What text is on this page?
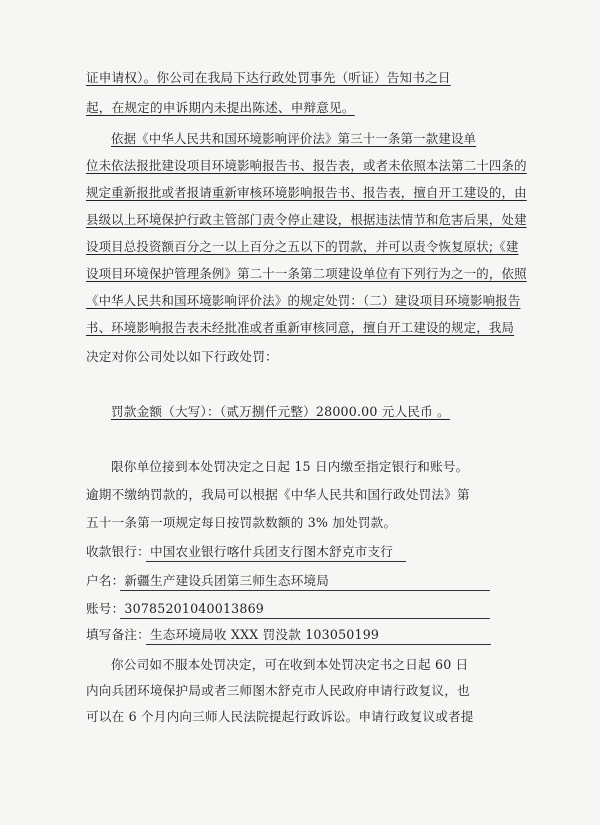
证申请权）。你公司在我局下达行政处罚事先（听证）告知书之日
起，在规定的申诉期内未提出陈述、申辩意见。
依据《中华人民共和国环境影响评价法》第三十一条第一款建设单
位未依法报批建设项目环境影响报告书、报告表，或者未依照本法第二十四条的
规定重新报批或者报请重新审核环境影响报告书、报告表，擅自开工建设的，由
县级以上环境保护行政主管部门责令停止建设，根据违法情节和危害后果，处建
设项目总投资额百分之一以上百分之五以下的罚款，并可以责令恢复原状;《建
设项目环境保护管理条例》第二十一条第二项建设单位有下列行为之一的，依照
《中华人民共和国环境影响评价法》的规定处罚：（二）建设项目环境影响报告
书、环境影响报告表未经批准或者重新审核同意，擅自开工建设的规定，我局
决定对你公司处以如下行政处罚：
罚款金额（大写）：（贰万捌仟元整）28000.00 元人民币 。
限你单位接到本处罚决定之日起 15 日内缴至指定银行和账号。
逾期不缴纳罚款的，我局可以根据《中华人民共和国行政处罚法》第
五十一条第一项规定每日按罚款数额的 3% 加处罚款。
收款银行：中国农业银行喀什兵团支行图木舒克市支行
户名：新疆生产建设兵团第三师生态环境局
账号：30785201040013869
填写备注：生态环境局收 XXX 罚没款 103050199
你公司如不服本处罚决定，可在收到本处罚决定书之日起 60 日
内向兵团环境保护局或者三师图木舒克市人民政府申请行政复议，也
可以在 6 个月内向三师人民法院提起行政诉讼。申请行政复议或者提
